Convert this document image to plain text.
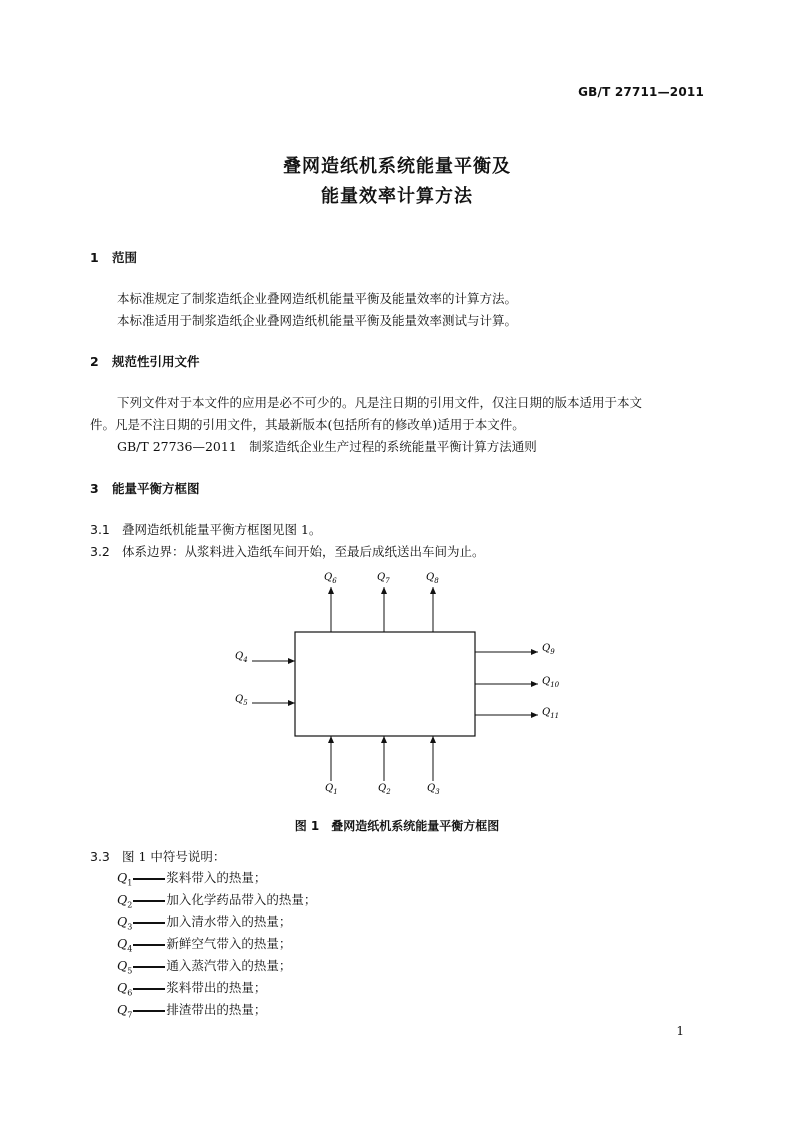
GB/T 27711—2011
叠网造纸机系统能量平衡及
能量效率计算方法
1 范围
本标准规定了制浆造纸企业叠网造纸机能量平衡及能量效率的计算方法。
本标准适用于制浆造纸企业叠网造纸机能量平衡及能量效率测试与计算。
2 规范性引用文件
下列文件对于本文件的应用是必不可少的。凡是注日期的引用文件，仅注日期的版本适用于本文
件。凡是不注日期的引用文件，其最新版本(包括所有的修改单)适用于本文件。
GB/T 27736—2011　制浆造纸企业生产过程的系统能量平衡计算方法通则
3 能量平衡方框图
3.1 叠网造纸机能量平衡方框图见图 1。
3.2 体系边界：从浆料进入造纸车间开始，至最后成纸送出车间为止。
$Q_6$	$Q_7$	$Q_8$
$Q_4$
$Q_5$
$Q_9$
$Q_{10}$
$Q_{11}$
$Q_1$	$Q_2$	$Q_3$
图 1　叠网造纸机系统能量平衡方框图
3.3 图 1 中符号说明：
$Q_1$	浆料带入的热量；
$Q_2$	加入化学药品带入的热量；
$Q_3$	加入清水带入的热量；
$Q_4$	新鲜空气带入的热量；
$Q_5$	通入蒸汽带入的热量；
$Q_6$	浆料带出的热量；
$Q_7$	排渣带出的热量；
1
